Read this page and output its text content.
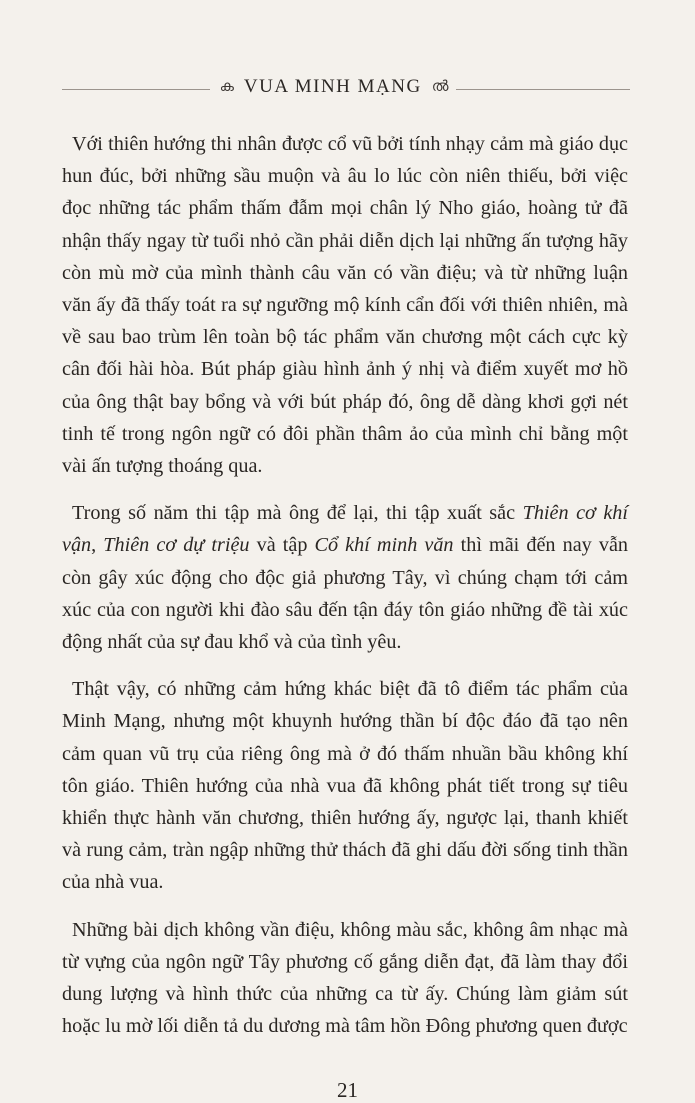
ക VUA MINH MẠNG ൽ

Với thiên hướng thi nhân được cổ vũ bởi tính nhạy cảm mà giáo dục hun đúc, bởi những sầu muộn và âu lo lúc còn niên thiếu, bởi việc đọc những tác phẩm thấm đẫm mọi chân lý Nho giáo, hoàng tử đã nhận thấy ngay từ tuổi nhỏ cần phải diễn dịch lại những ấn tượng hãy còn mù mờ của mình thành câu văn có vần điệu; và từ những luận văn ấy đã thấy toát ra sự ngưỡng mộ kính cẩn đối với thiên nhiên, mà về sau bao trùm lên toàn bộ tác phẩm văn chương một cách cực kỳ cân đối hài hòa. Bút pháp giàu hình ảnh ý nhị và điểm xuyết mơ hồ của ông thật bay bổng và với bút pháp đó, ông dễ dàng khơi gợi nét tinh tế trong ngôn ngữ có đôi phần thâm ảo của mình chỉ bằng một vài ấn tượng thoáng qua.

Trong số năm thi tập mà ông để lại, thi tập xuất sắc Thiên cơ khí vận, Thiên cơ dự triệu và tập Cổ khí minh văn thì mãi đến nay vẫn còn gây xúc động cho độc giả phương Tây, vì chúng chạm tới cảm xúc của con người khi đào sâu đến tận đáy tôn giáo những đề tài xúc động nhất của sự đau khổ và của tình yêu.

Thật vậy, có những cảm hứng khác biệt đã tô điểm tác phẩm của Minh Mạng, nhưng một khuynh hướng thần bí độc đáo đã tạo nên cảm quan vũ trụ của riêng ông mà ở đó thấm nhuần bầu không khí tôn giáo. Thiên hướng của nhà vua đã không phát tiết trong sự tiêu khiển thực hành văn chương, thiên hướng ấy, ngược lại, thanh khiết và rung cảm, tràn ngập những thử thách đã ghi dấu đời sống tinh thần của nhà vua.

Những bài dịch không vần điệu, không màu sắc, không âm nhạc mà từ vựng của ngôn ngữ Tây phương cố gắng diễn đạt, đã làm thay đổi dung lượng và hình thức của những ca từ ấy. Chúng làm giảm sút hoặc lu mờ lối diễn tả du dương mà tâm hồn Đông phương quen được

21
